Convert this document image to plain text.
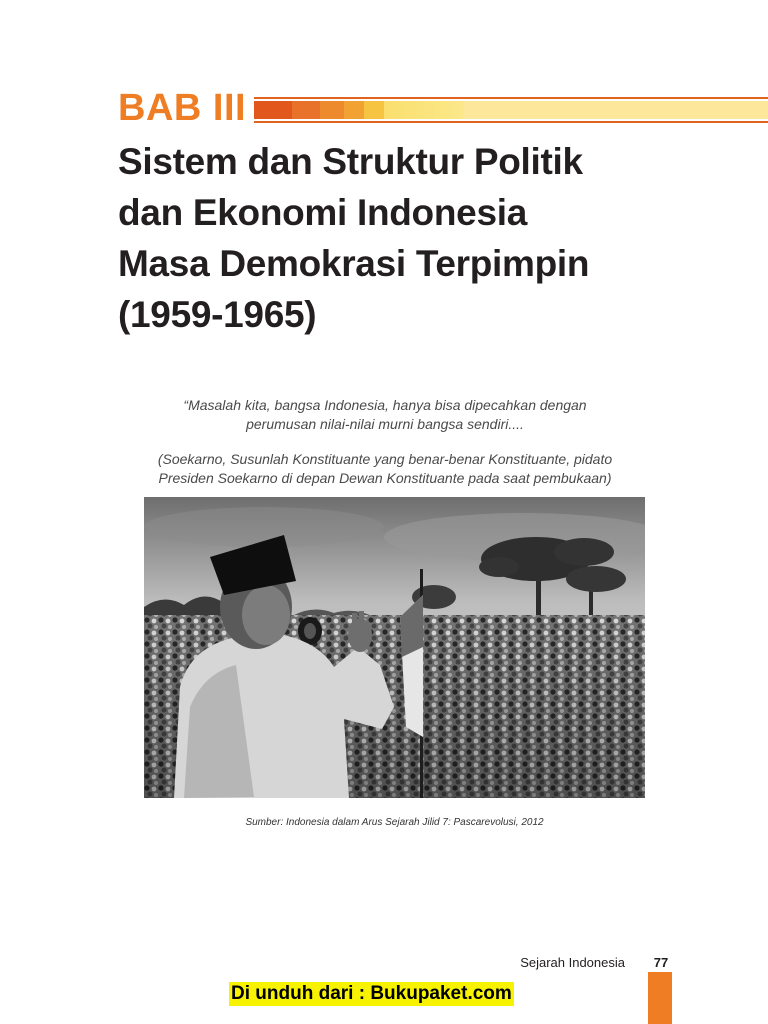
BAB III
Sistem dan Struktur Politik
dan Ekonomi Indonesia
Masa Demokrasi Terpimpin
(1959-1965)
“Masalah kita, bangsa Indonesia, hanya bisa dipecahkan dengan
perumusan nilai-nilai murni bangsa sendiri....
(Soekarno, Susunlah Konstituante yang benar-benar Konstituante, pidato
Presiden Soekarno di depan Dewan Konstituante pada saat pembukaan)
Sumber: Indonesia dalam Arus Sejarah Jilid 7: Pascarevolusi, 2012
Sejarah Indonesia	77
Di unduh dari : Bukupaket.com
